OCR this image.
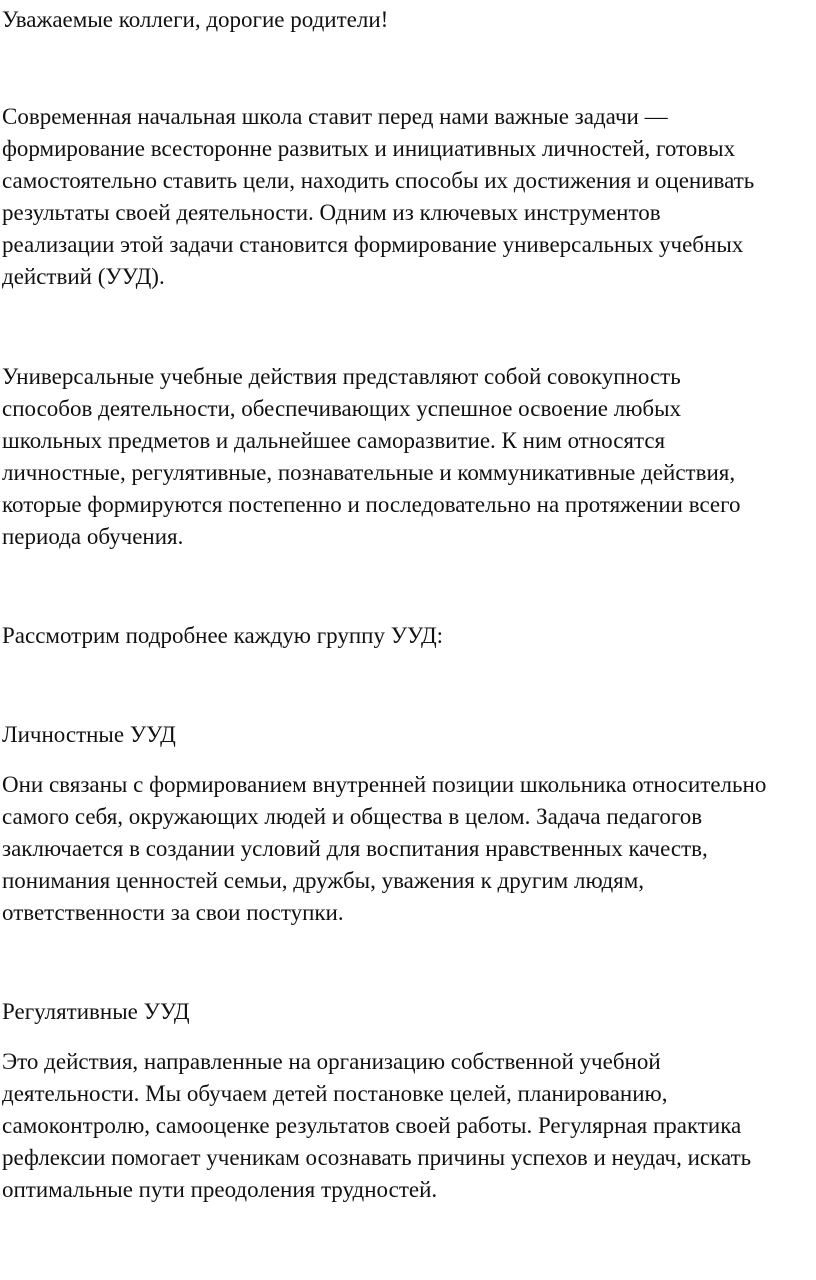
Уважаемые коллеги, дорогие родители!

Современная начальная школа ставит перед нами важные задачи —

формирование всесторонне развитых и инициативных личностей, готовых

самостоятельно ставить цели, находить способы их достижения и оценивать

результаты своей деятельности. Одним из ключевых инструментов

реализации этой задачи становится формирование универсальных учебных

действий (УУД).

Универсальные учебные действия представляют собой совокупность

способов деятельности, обеспечивающих успешное освоение любых

школьных предметов и дальнейшее саморазвитие. К ним относятся

личностные, регулятивные, познавательные и коммуникативные действия,

которые формируются постепенно и последовательно на протяжении всего

периода обучения.

Рассмотрим подробнее каждую группу УУД:

Личностные УУД

Они связаны с формированием внутренней позиции школьника относительно

самого себя, окружающих людей и общества в целом. Задача педагогов

заключается в создании условий для воспитания нравственных качеств,

понимания ценностей семьи, дружбы, уважения к другим людям,

ответственности за свои поступки.

Регулятивные УУД

Это действия, направленные на организацию собственной учебной

деятельности. Мы обучаем детей постановке целей, планированию,

самоконтролю, самооценке результатов своей работы. Регулярная практика

рефлексии помогает ученикам осознавать причины успехов и неудач, искать

оптимальные пути преодоления трудностей.
